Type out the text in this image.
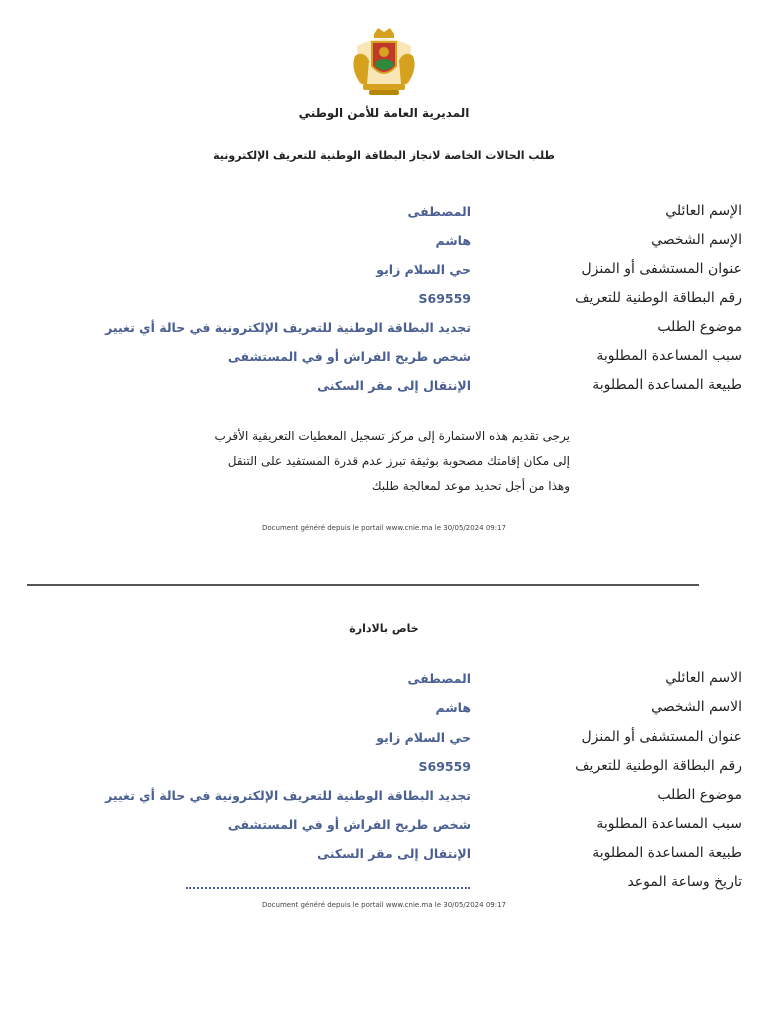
المديرية العامة للأمن الوطني
طلب الحالات الخاصة لانجاز البطاقة الوطنية للتعريف الإلكترونية
الإسم العائلي
المصطفى
الإسم الشخصي
هاشم
عنوان المستشفى أو المنزل
حي السلام زايو
رقم البطاقة الوطنية للتعريف
S69559
موضوع الطلب
تجديد البطاقة الوطنية للتعريف الإلكترونية في حالة أي تغيير
سبب المساعدة المطلوبة
شخص طريح الفراش أو في المستشفى
طبيعة المساعدة المطلوبة
الإنتقال إلى مقر السكنى
يرجى تقديم هذه الاستمارة إلى مركز تسجيل المعطيات التعريفية الأقرب
إلى مكان إقامتك مصحوبة بوثيقة تبرز عدم قدرة المستفيد على التنقل
وهذا من أجل تحديد موعد لمعالجة طلبك
Document généré depuis le portail www.cnie.ma le 30/05/2024 09:17
خاص بالادارة
الاسم العائلي
المصطفى
الاسم الشخصي
هاشم
عنوان المستشفى أو المنزل
حي السلام زايو
رقم البطاقة الوطنية للتعريف
S69559
موضوع الطلب
تجديد البطاقة الوطنية للتعريف الإلكترونية في حالة أي تغيير
سبب المساعدة المطلوبة
شخص طريح الفراش أو في المستشفى
طبيعة المساعدة المطلوبة
الإنتقال إلى مقر السكنى
تاريخ وساعة الموعد
Document généré depuis le portail www.cnie.ma le 30/05/2024 09:17
